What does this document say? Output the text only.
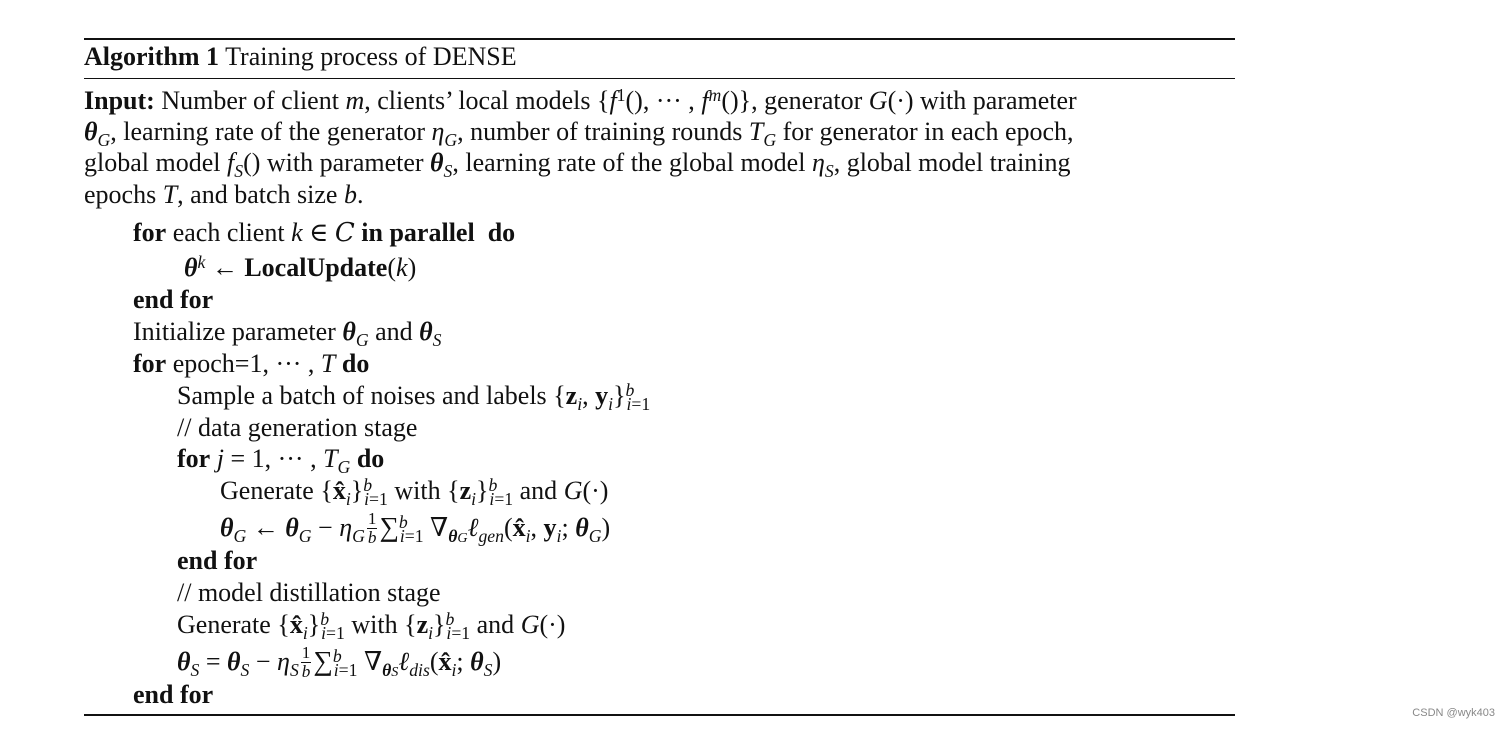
Algorithm 1 Training process of DENSE
Input: Number of client m, clients’ local models {$f^1()$, ··· , $f^m()$}, generator G(·) with parameter
$\theta_G$, learning rate of the generator $\eta_G$, number of training rounds $T_G$ for generator in each epoch,
global model $f_S()$ with parameter $\theta_S$, learning rate of the global model $\eta_S$, global model training
epochs T, and batch size b.
for each client k ∈ C in parallel do
$\theta^k$ ← LocalUpdate(k)
end for
Initialize parameter $\theta_G$ and $\theta_S$
for epoch=1, ··· , T do
Sample a batch of noises and labels {$z_i$, $y_i\}^b_{i=1}$
// data generation stage
for j = 1, ··· , $T_G$ do
Generate $\{x̂_i\}^b_{i=1}$ with $\{z_i\}^b_{i=1}$ and G(·)
$\theta_G$ ← $\theta_G - \eta_G \frac{1}{b} \sum^b_{i=1}$ $\nabla_{\theta G}\ell_{gen}(x̂_i$, $y_i$; $\theta_G$)
end for
// model distillation stage
Generate $\{x̂_i\}^b_{i=1}$ with $\{z_i\}^b_{i=1}$ and G(·)
$\theta_S = \theta_S - \eta_S \frac{1}{b} \sum^b_{i=1}$ $\nabla_{\theta S}\ell_{dis}(x̂_i$; $\theta_S$)
end for
CSDN @wyk403
